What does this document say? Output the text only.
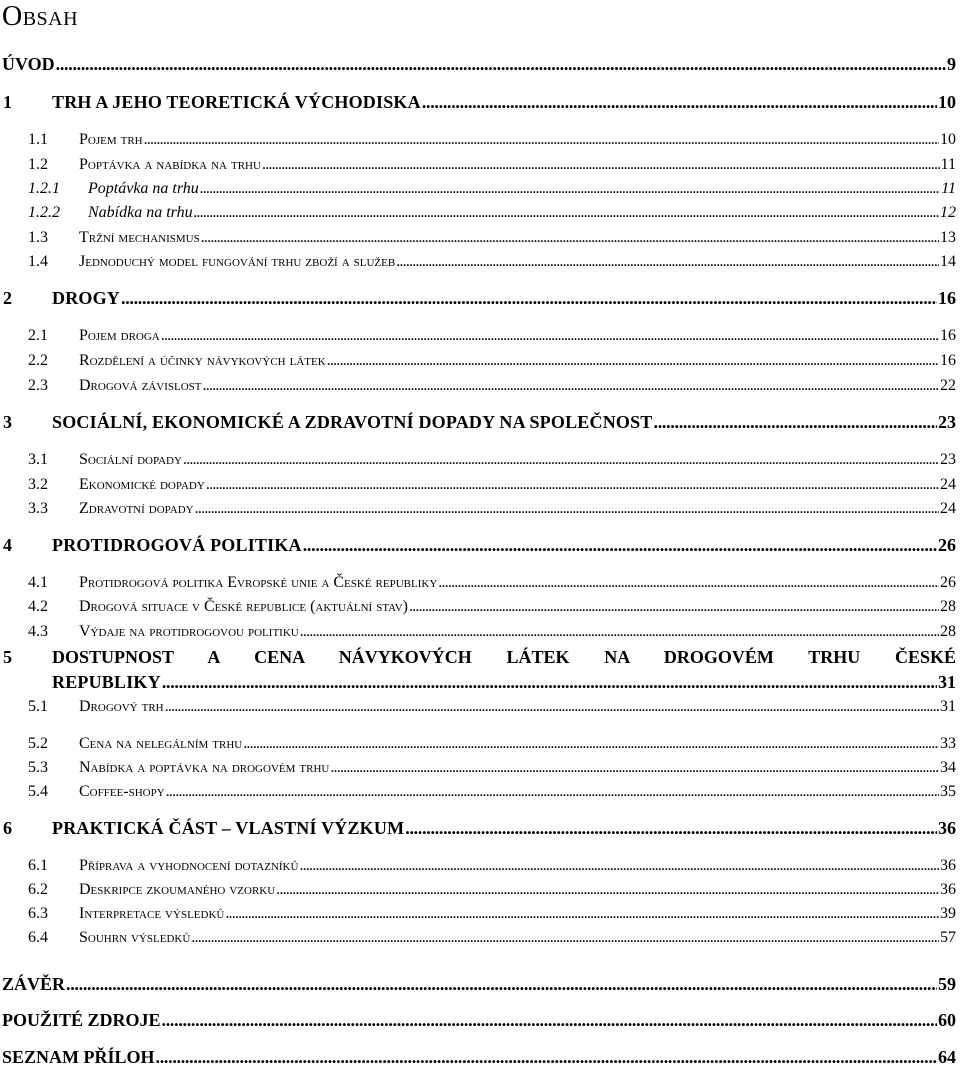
Obsah
ÚVOD . . .	9
1	TRH A JEHO TEORETICKÁ VÝCHODISKA . . .	10
1.1	Pojem trh . . .	10
1.2	Poptávka a nabídka na trhu . . .	11
1.2.1	Poptávka na trhu . . .	11
1.2.2	Nabídka na trhu . . .	12
1.3	Tržní mechanismus . . .	13
1.4	Jednoduchý model fungování trhu zboží a služeb . . .	14
2	DROGY . . .	16
2.1	Pojem droga . . .	16
2.2	Rozdělení a účinky návykových látek . . .	16
2.3	Drogová závislost . . .	22
3	SOCIÁLNÍ, EKONOMICKÉ A ZDRAVOTNÍ DOPADY NA SPOLEČNOST . . .	23
3.1	Sociální dopady . . .	23
3.2	Ekonomické dopady . . .	24
3.3	Zdravotní dopady . . .	24
4	PROTIDROGOVÁ POLITIKA . . .	26
4.1	Protidrogová politika Evropské unie a České republiky . . .	26
4.2	Drogová situace v České republice (aktuální stav) . . .	28
4.3	Výdaje na protidrogovou politiku . . .	28
5	DOSTUPNOST A CENA NÁVYKOVÝCH LÁTEK NA DROGOVÉM TRHU ČESKÉ
REPUBLIKY . . .	31
5.1	Drogový trh . . .	31
5.2	Cena na nelegálním trhu . . .	33
5.3	Nabídka a poptávka na drogovém trhu . . .	34
5.4	Coffee-shopy . . .	35
6	PRAKTICKÁ ČÁST – VLASTNÍ VÝZKUM . . .	36
6.1	Příprava a vyhodnocení dotazníků . . .	36
6.2	Deskripce zkoumaného vzorku . . .	36
6.3	Interpretace výsledků . . .	39
6.4	Souhrn výsledků . . .	57
ZÁVĚR . . .	59
POUŽITÉ ZDROJE . . .	60
SEZNAM PŘÍLOH . . .	64
